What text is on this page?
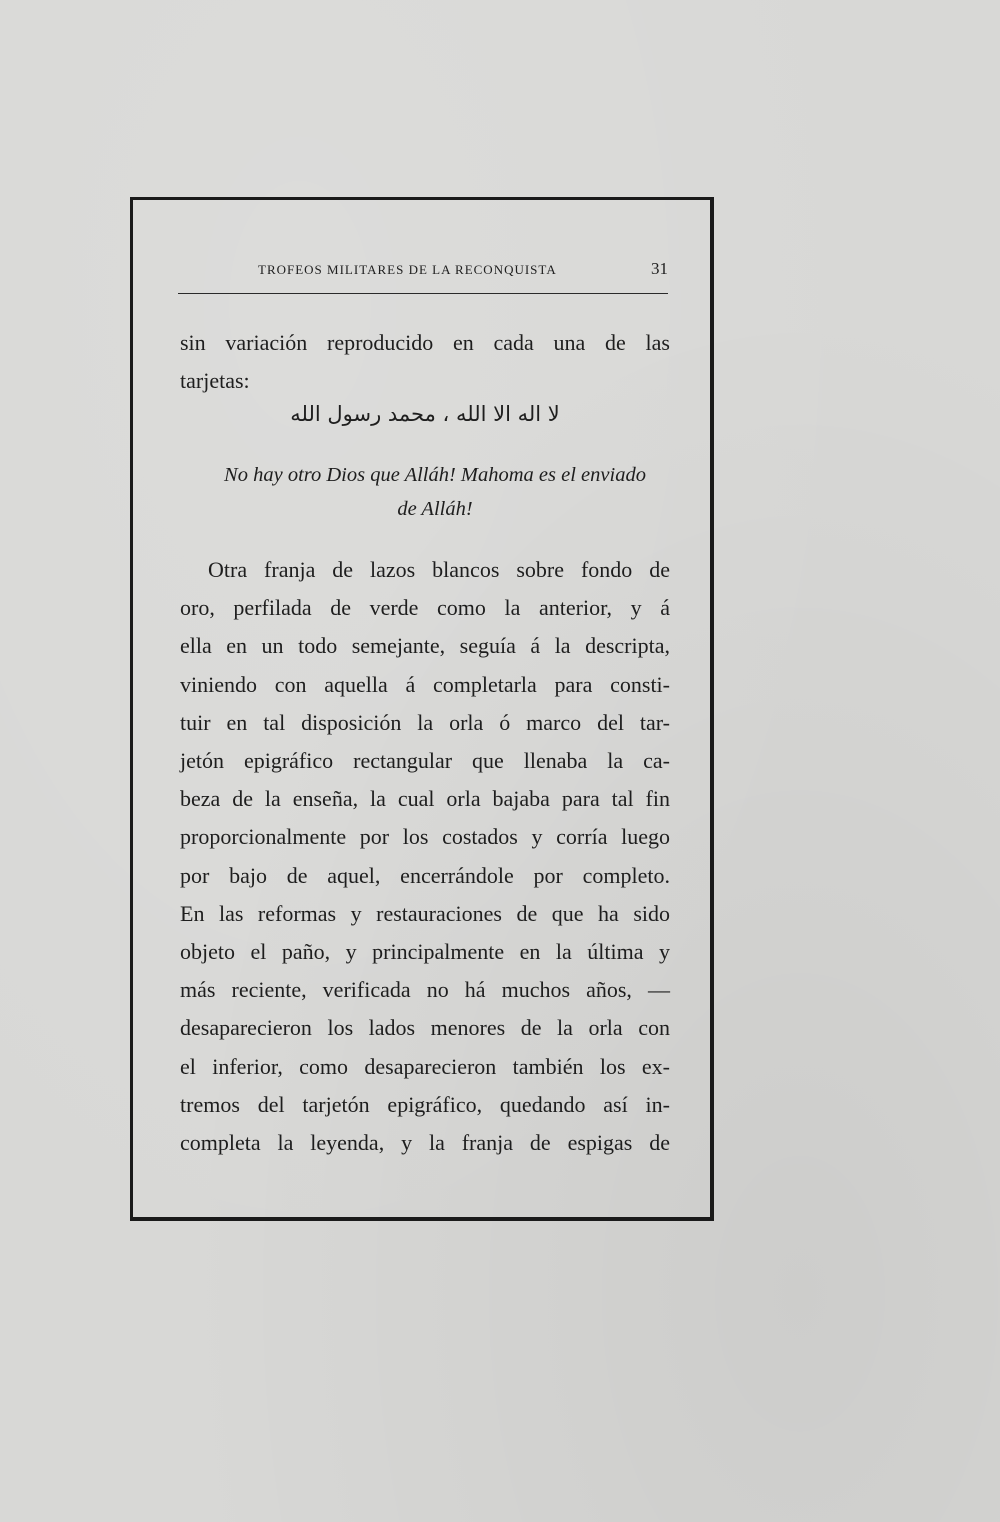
TROFEOS MILITARES DE LA RECONQUISTA	31
sin variación reproducido en cada una de las
tarjetas:
لا اله الا الله ، محمد رسول الله
No hay otro Dios que Alláh! Mahoma es el enviado
de Alláh!
Otra franja de lazos blancos sobre fondo de
oro, perfilada de verde como la anterior, y á
ella en un todo semejante, seguía á la descripta,
viniendo con aquella á completarla para consti-
tuir en tal disposición la orla ó marco del tar-
jetón epigráfico rectangular que llenaba la ca-
beza de la enseña, la cual orla bajaba para tal fin
proporcionalmente por los costados y corría luego
por bajo de aquel, encerrándole por completo.
En las reformas y restauraciones de que ha sido
objeto el paño, y principalmente en la última y
más reciente, verificada no há muchos años, —
desaparecieron los lados menores de la orla con
el inferior, como desaparecieron también los ex-
tremos del tarjetón epigráfico, quedando así in-
completa la leyenda, y la franja de espigas de
